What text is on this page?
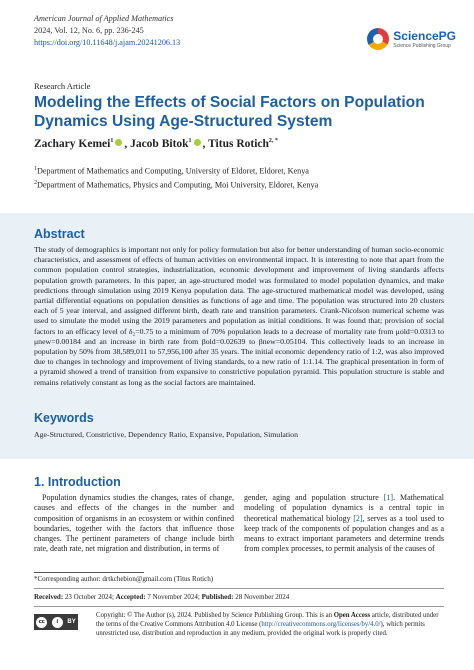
American Journal of Applied Mathematics
2024, Vol. 12, No. 6, pp. 236-245
https://doi.org/10.11648/j.ajam.20241206.13	SciencePG
Science Publishing Group
Research Article
Modeling the Effects of Social Factors on Population Dynamics Using Age-Structured System
Zachary Kemei$^1$ , Jacob Bitok$^1$ , Titus Rotich$^{2, *}$
$^1$Department of Mathematics and Computing, University of Eldoret, Eldoret, Kenya
$^2$Department of Mathematics, Physics and Computing, Moi University, Eldoret, Kenya
Abstract

The study of demographics is important not only for policy formulation but also for better understanding of human socio-economic characteristics, and assessment of effects of human activities on environmental impact. It is interesting to note that apart from the common population control strategies, industrialization, economic development and improvement of living standards affects population growth parameters. In this paper, an age-structured model was formulated to model population dynamics, and make predictions through simulation using 2019 Kenya population data. The age-structured mathematical model was developed, using partial differential equations on population densities as functions of age and time. The population was structured into 20 clusters each of 5 year interval, and assigned different birth, death rate and transition parameters. Crank-Nicolson numerical scheme was used to simulate the model using the 2019 parameters and population as initial conditions. It was found that; provision of social factors to an efficacy level of δ₂=0.75 to a minimum of 70% population leads to a decrease of mortality rate from μold=0.0313 to μnew=0.00184 and an increase in birth rate from βold=0.02639 to βnew=0.05104. This collectively leads to an increase in population by 50% from 38,589,011 to 57,956,100 after 35 years. The initial economic dependency ratio of 1:2, was also improved due to changes in technology and improvement of living standards, to a new ratio of 1:1.14. The graphical presentation in form of a pyramid showed a trend of transition from expansive to constrictive population pyramid. This population structure is stable and remains relatively constant as long as the social factors are maintained.

Keywords
Age-Structured, Constrictive, Dependency Ratio, Expansive, Population, Simulation
1. Introduction

Population dynamics studies the changes, rates of change, causes and effects of the changes in the number and composition of organisms in an ecosystem or within confined boundaries, together with the factors that influence those changes. The pertinent parameters of change include birth rate, death rate, net migration and distribution, in terms of

gender, aging and population structure [1]. Mathematical modeling of population dynamics is a central topic in theoretical mathematical biology [2], serves as a tool used to keep track of the components of population changes and as a means to extract important parameters and determine trends from complex processes, to permit analysis of the causes of

*Corresponding author: drtkchebion@gmail.com (Titus Rotich)
Received: 23 October 2024; Accepted: 7 November 2024; Published: 28 November 2024
cc	i	BY
Copyright: © The Author (s), 2024. Published by Science Publishing Group. This is an Open Access article, distributed under the terms of the Creative Commons Attribution 4.0 License (http://creativecommons.org/licenses/by/4.0/), which permits unrestricted use, distribution and reproduction in any medium, provided the original work is properly cited.
